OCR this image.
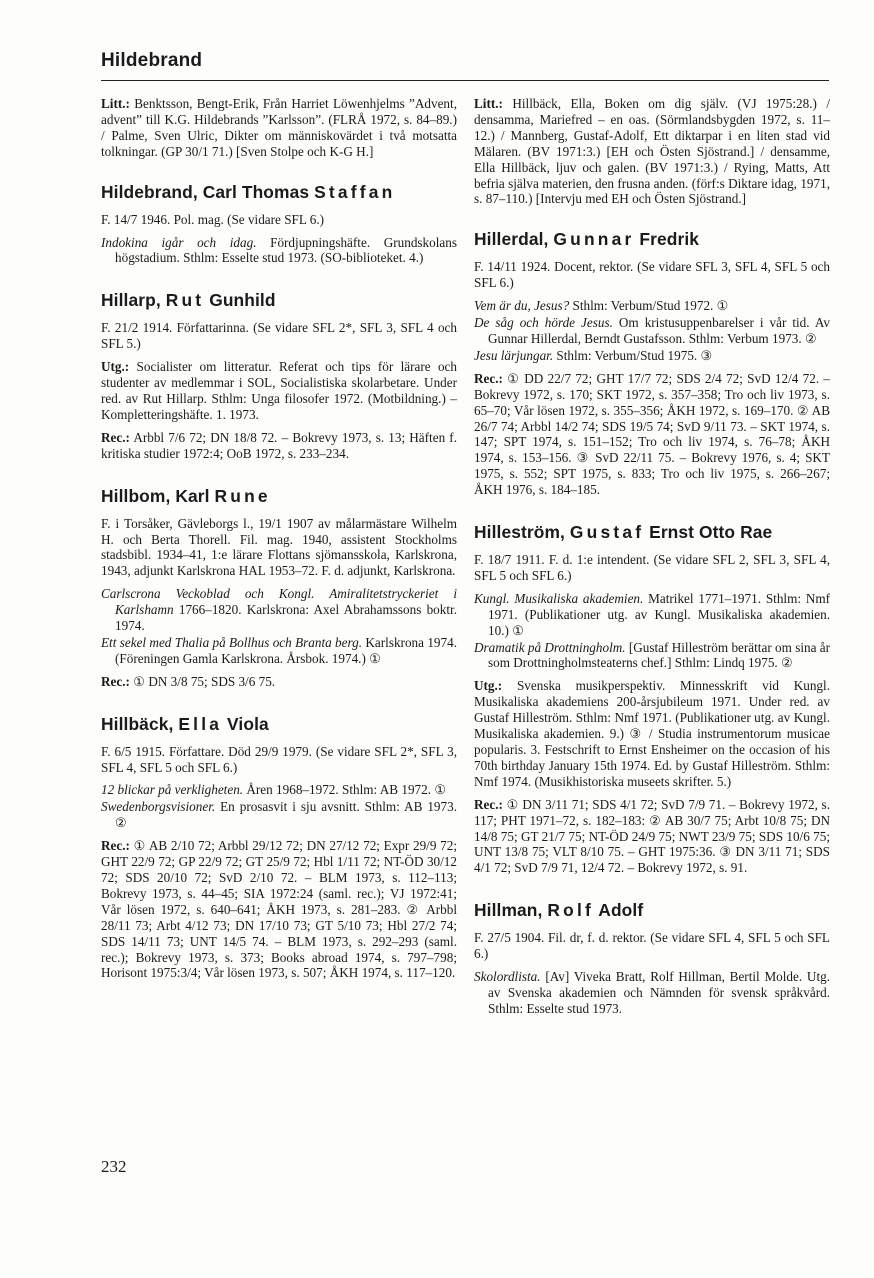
Hildebrand

Litt.: Benktsson, Bengt-Erik, Från Harriet Löwenhjelms ”Advent, advent” till K.G. Hildebrands ”Karlsson”. (FLRÅ 1972, s. 84–89.) / Palme, Sven Ulric, Dikter om människovärdet i två motsatta tolkningar. (GP 30/1 71.) [Sven Stolpe och K-G H.]

Hildebrand, Carl Thomas Staffan

F. 14/7 1946. Pol. mag. (Se vidare SFL 6.)

Indokina igår och idag. Fördjupningshäfte. Grundskolans högstadium. Sthlm: Esselte stud 1973. (SO-biblioteket. 4.)

Hillarp, Rut Gunhild

F. 21/2 1914. Författarinna. (Se vidare SFL 2*, SFL 3, SFL 4 och SFL 5.)

Utg.: Socialister om litteratur. Referat och tips för lärare och studenter av medlemmar i SOL, Socialistiska skolarbetare. Under red. av Rut Hillarp. Sthlm: Unga filosofer 1972. (Motbildning.) – Kompletteringshäfte. 1. 1973.

Rec.: Arbbl 7/6 72; DN 18/8 72. – Bokrevy 1973, s. 13; Häften f. kritiska studier 1972:4; OoB 1972, s. 233–234.

Hillbom, Karl Rune

F. i Torsåker, Gävleborgs l., 19/1 1907 av målarmästare Wilhelm H. och Berta Thorell. Fil. mag. 1940, assistent Stockholms stadsbibl. 1934–41, 1:e lärare Flottans sjömansskola, Karlskrona, 1943, adjunkt Karlskrona HAL 1953–72. F. d. adjunkt, Karlskrona.

Carlscrona Veckoblad och Kongl. Amiralitetstryckeriet i Karlshamn 1766–1820. Karlskrona: Axel Abrahamssons boktr. 1974.

Ett sekel med Thalia på Bollhus och Branta berg. Karlskrona 1974. (Föreningen Gamla Karlskrona. Årsbok. 1974.) ①

Rec.: ① DN 3/8 75; SDS 3/6 75.

Hillbäck, Ella Viola

F. 6/5 1915. Författare. Död 29/9 1979. (Se vidare SFL 2*, SFL 3, SFL 4, SFL 5 och SFL 6.)

12 blickar på verkligheten. Åren 1968–1972. Sthlm: AB 1972. ①

Swedenborgsvisioner. En prosasvit i sju avsnitt. Sthlm: AB 1973. ②

Rec.: ① AB 2/10 72; Arbbl 29/12 72; DN 27/12 72; Expr 29/9 72; GHT 22/9 72; GP 22/9 72; GT 25/9 72; Hbl 1/11 72; NT-ÖD 30/12 72; SDS 20/10 72; SvD 2/10 72. – BLM 1973, s. 112–113; Bokrevy 1973, s. 44–45; SIA 1972:24 (saml. rec.); VJ 1972:41; Vår lösen 1972, s. 640–641; ÅKH 1973, s. 281–283. ② Arbbl 28/11 73; Arbt 4/12 73; DN 17/10 73; GT 5/10 73; Hbl 27/2 74; SDS 14/11 73; UNT 14/5 74. – BLM 1973, s. 292–293 (saml. rec.); Bokrevy 1973, s. 373; Books abroad 1974, s. 797–798; Horisont 1975:3/4; Vår lösen 1973, s. 507; ÅKH 1974, s. 117–120.

Litt.: Hillbäck, Ella, Boken om dig själv. (VJ 1975:28.) / densamma, Mariefred – en oas. (Sörmlandsbygden 1972, s. 11–12.) / Mannberg, Gustaf-Adolf, Ett diktarpar i en liten stad vid Mälaren. (BV 1971:3.) [EH och Östen Sjöstrand.] / densamme, Ella Hillbäck, ljuv och galen. (BV 1971:3.) / Rying, Matts, Att befria själva materien, den frusna anden. (förf:s Diktare idag, 1971, s. 87–110.) [Intervju med EH och Östen Sjöstrand.]

Hillerdal, Gunnar Fredrik

F. 14/11 1924. Docent, rektor. (Se vidare SFL 3, SFL 4, SFL 5 och SFL 6.)

Vem är du, Jesus? Sthlm: Verbum/Stud 1972. ①

De såg och hörde Jesus. Om kristusuppenbarelser i vår tid. Av Gunnar Hillerdal, Berndt Gustafsson. Sthlm: Verbum 1973. ②

Jesu lärjungar. Sthlm: Verbum/Stud 1975. ③

Rec.: ① DD 22/7 72; GHT 17/7 72; SDS 2/4 72; SvD 12/4 72. – Bokrevy 1972, s. 170; SKT 1972, s. 357–358; Tro och liv 1973, s. 65–70; Vår lösen 1972, s. 355–356; ÅKH 1972, s. 169–170. ② AB 26/7 74; Arbbl 14/2 74; SDS 19/5 74; SvD 9/11 73. – SKT 1974, s. 147; SPT 1974, s. 151–152; Tro och liv 1974, s. 76–78; ÅKH 1974, s. 153–156. ③ SvD 22/11 75. – Bokrevy 1976, s. 4; SKT 1975, s. 552; SPT 1975, s. 833; Tro och liv 1975, s. 266–267; ÅKH 1976, s. 184–185.

Hilleström, Gustaf Ernst Otto Rae

F. 18/7 1911. F. d. 1:e intendent. (Se vidare SFL 2, SFL 3, SFL 4, SFL 5 och SFL 6.)

Kungl. Musikaliska akademien. Matrikel 1771–1971. Sthlm: Nmf 1971. (Publikationer utg. av Kungl. Musikaliska akademien. 10.) ①

Dramatik på Drottningholm. [Gustaf Hilleström berättar om sina år som Drottningholmsteaterns chef.] Sthlm: Lindq 1975. ②

Utg.: Svenska musikperspektiv. Minnesskrift vid Kungl. Musikaliska akademiens 200-årsjubileum 1971. Under red. av Gustaf Hilleström. Sthlm: Nmf 1971. (Publikationer utg. av Kungl. Musikaliska akademien. 9.) ③ / Studia instrumentorum musicae popularis. 3. Festschrift to Ernst Ensheimer on the occasion of his 70th birthday January 15th 1974. Ed. by Gustaf Hilleström. Sthlm: Nmf 1974. (Musikhistoriska museets skrifter. 5.)

Rec.: ① DN 3/11 71; SDS 4/1 72; SvD 7/9 71. – Bokrevy 1972, s. 117; PHT 1971–72, s. 182–183: ② AB 30/7 75; Arbt 10/8 75; DN 14/8 75; GT 21/7 75; NT-ÖD 24/9 75; NWT 23/9 75; SDS 10/6 75; UNT 13/8 75; VLT 8/10 75. – GHT 1975:36. ③ DN 3/11 71; SDS 4/1 72; SvD 7/9 71, 12/4 72. – Bokrevy 1972, s. 91.

Hillman, Rolf Adolf

F. 27/5 1904. Fil. dr, f. d. rektor. (Se vidare SFL 4, SFL 5 och SFL 6.)

Skolordlista. [Av] Viveka Bratt, Rolf Hillman, Bertil Molde. Utg. av Svenska akademien och Nämnden för svensk språkvård. Sthlm: Esselte stud 1973.

232
